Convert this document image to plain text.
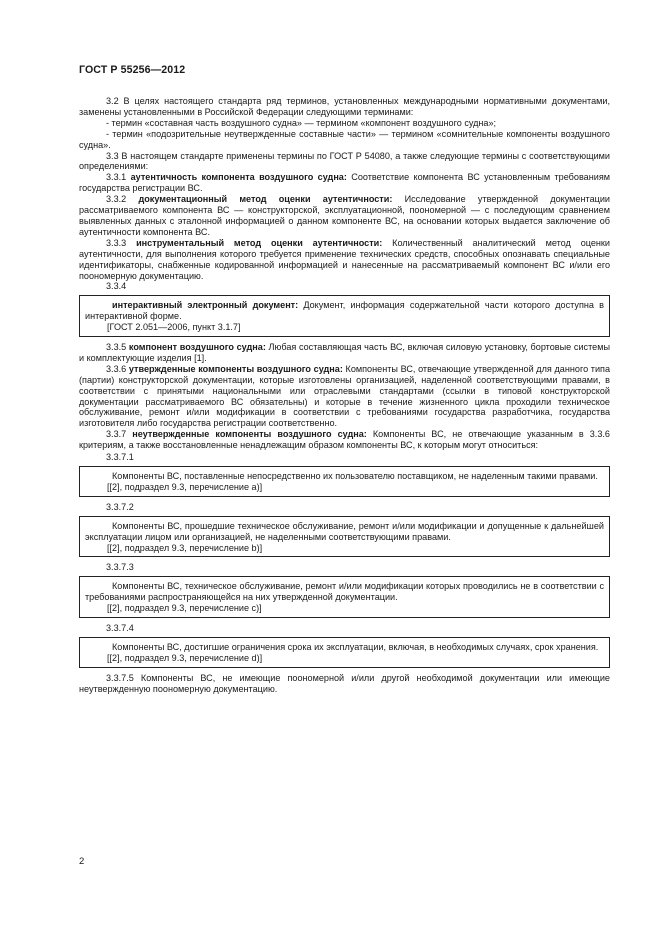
ГОСТ Р 55256—2012

3.2 В целях настоящего стандарта ряд терминов, установленных международными нормативными документами, заменены установленными в Российской Федерации следующими терминами:

- термин «составная часть воздушного судна» — термином «компонент воздушного судна»;

- термин «подозрительные неутвержденные составные части» — термином «сомнительные компоненты воздушного судна».

3.3 В настоящем стандарте применены термины по ГОСТ Р 54080, а также следующие термины с соответствующими определениями:

3.3.1 аутентичность компонента воздушного судна: Соответствие компонента ВС установленным требованиям государства регистрации ВС.

3.3.2 документационный метод оценки аутентичности: Исследование утвержденной документации рассматриваемого компонента ВС — конструкторской, эксплуатационной, поономерной — с последующим сравнением выявленных данных с эталонной информацией о данном компоненте ВС, на основании которых выдается заключение об аутентичности компонента ВС.

3.3.3 инструментальный метод оценки аутентичности: Количественный аналитический метод оценки аутентичности, для выполнения которого требуется применение технических средств, способных опознавать специальные идентификаторы, снабженные кодированной информацией и нанесенные на рассматриваемый компонент ВС и/или его поономерную документацию.

3.3.4

интерактивный электронный документ: Документ, информация содержательной части которого доступна в интерактивной форме.

[ГОСТ 2.051—2006, пункт 3.1.7]

3.3.5 компонент воздушного судна: Любая составляющая часть ВС, включая силовую установку, бортовые системы и комплектующие изделия [1].

3.3.6 утвержденные компоненты воздушного судна: Компоненты ВС, отвечающие утвержденной для данного типа (партии) конструкторской документации, которые изготовлены организацией, наделенной соответствующими правами, в соответствии с принятыми национальными или отраслевыми стандартами (ссылки в типовой конструкторской документации рассматриваемого ВС обязательны) и которые в течение жизненного цикла проходили техническое обслуживание, ремонт и/или модификации в соответствии с требованиями государства разработчика, государства изготовителя либо государства регистрации соответственно.

3.3.7 неутвержденные компоненты воздушного судна: Компоненты ВС, не отвечающие указанным в 3.3.6 критериям, а также восстановленные ненадлежащим образом компоненты ВС, к которым могут относиться:

3.3.7.1

Компоненты ВС, поставленные непосредственно их пользователю поставщиком, не наделенным такими правами.

[[2], подраздел 9.3, перечисление а)]

3.3.7.2

Компоненты ВС, прошедшие техническое обслуживание, ремонт и/или модификации и допущенные к дальнейшей эксплуатации лицом или организацией, не наделенными соответствующими правами.

[[2], подраздел 9.3, перечисление b)]

3.3.7.3

Компоненты ВС, техническое обслуживание, ремонт и/или модификации которых проводились не в соответствии с требованиями распространяющейся на них утвержденной документации.

[[2], подраздел 9.3, перечисление с)]

3.3.7.4

Компоненты ВС, достигшие ограничения срока их эксплуатации, включая, в необходимых случаях, срок хранения.

[[2], подраздел 9.3, перечисление d)]

3.3.7.5 Компоненты ВС, не имеющие поономерной и/или другой необходимой документации или имеющие неутвержденную поономерную документацию.

2
